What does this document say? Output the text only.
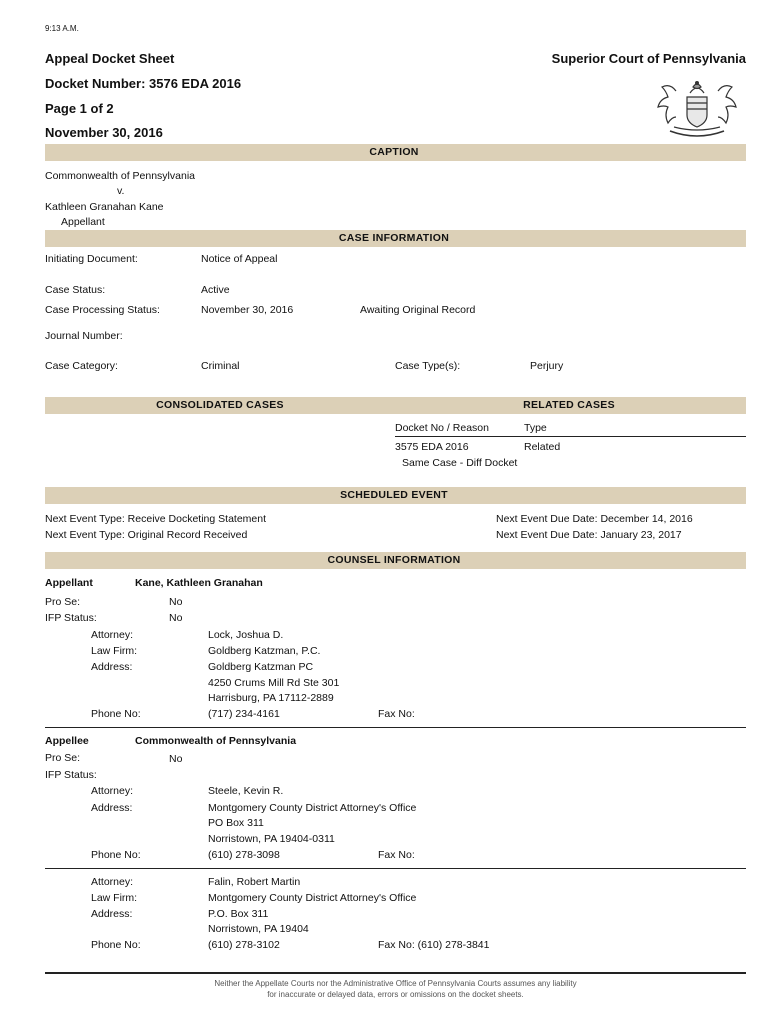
9:13 A.M.
Appeal Docket Sheet
Docket Number: 3576 EDA 2016
Page 1 of 2
November 30, 2016
Superior Court of Pennsylvania
CAPTION
Commonwealth of Pennsylvania
v.
Kathleen Granahan Kane
Appellant
CASE INFORMATION
Initiating Document:	Notice of Appeal
Case Status:	Active
Case Processing Status:	November 30, 2016	Awaiting Original Record
Journal Number:
Case Category:	Criminal	Case Type(s):	Perjury
CONSOLIDATED CASES	RELATED CASES
Docket No / Reason	Type
3575 EDA 2016	Related
Same Case - Diff Docket
SCHEDULED EVENT
Next Event Type: Receive Docketing Statement	Next Event Due Date: December 14, 2016
Next Event Type: Original Record Received	Next Event Due Date: January 23, 2017
COUNSEL INFORMATION
Appellant	Kane, Kathleen Granahan
Pro Se:	No
IFP Status:	No
Attorney:	Lock, Joshua D.
Law Firm:	Goldberg Katzman, P.C.
Address:	Goldberg Katzman PC
4250 Crums Mill Rd Ste 301
Harrisburg, PA 17112-2889
Phone No:	(717) 234-4161	Fax No:
Appellee	Commonwealth of Pennsylvania
Pro Se:	No
IFP Status:
Attorney:	Steele, Kevin R.
Address:	Montgomery County District Attorney's Office
PO Box 311
Norristown, PA 19404-0311
Phone No:	(610) 278-3098	Fax No:
Attorney:	Falin, Robert Martin
Law Firm:	Montgomery County District Attorney's Office
Address:	P.O. Box 311
Norristown, PA 19404
Phone No:	(610) 278-3102	Fax No: (610) 278-3841
Neither the Appellate Courts nor the Administrative Office of Pennsylvania Courts assumes any liability
for inaccurate or delayed data, errors or omissions on the docket sheets.
